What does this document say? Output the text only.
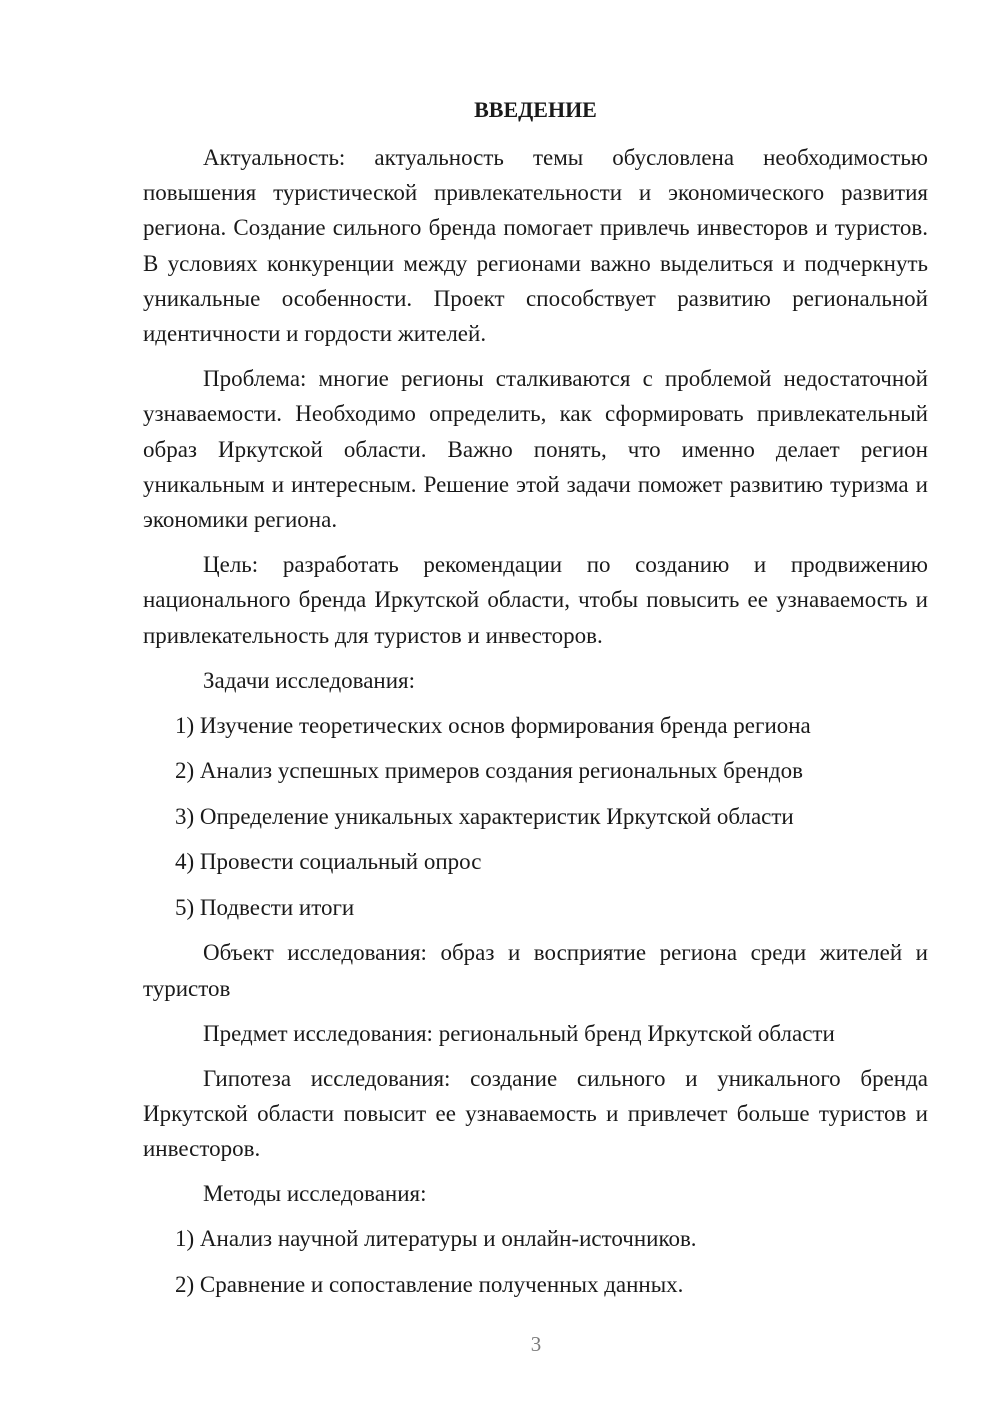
ВВЕДЕНИЕ

Актуальность: актуальность темы обусловлена необходимостью повышения туристической привлекательности и экономического развития региона. Создание сильного бренда помогает привлечь инвесторов и туристов. В условиях конкуренции между регионами важно выделиться и подчеркнуть уникальные особенности. Проект способствует развитию региональной идентичности и гордости жителей.

Проблема: многие регионы сталкиваются с проблемой недостаточной узнаваемости. Необходимо определить, как сформировать привлекательный образ Иркутской области. Важно понять, что именно делает регион уникальным и интересным. Решение этой задачи поможет развитию туризма и экономики региона.

Цель: разработать рекомендации по созданию и продвижению национального бренда Иркутской области, чтобы повысить ее узнаваемость и привлекательность для туристов и инвесторов.

Задачи исследования:

1) Изучение теоретических основ формирования бренда региона
2) Анализ успешных примеров создания региональных брендов
3) Определение уникальных характеристик Иркутской области
4) Провести социальный опрос
5) Подвести итоги

Объект исследования: образ и восприятие региона среди жителей и туристов

Предмет исследования: региональный бренд Иркутской области

Гипотеза исследования: создание сильного и уникального бренда Иркутской области повысит ее узнаваемость и привлечет больше туристов и инвесторов.

Методы исследования:

1) Анализ научной литературы и онлайн-источников.
2) Сравнение и сопоставление полученных данных.
3
